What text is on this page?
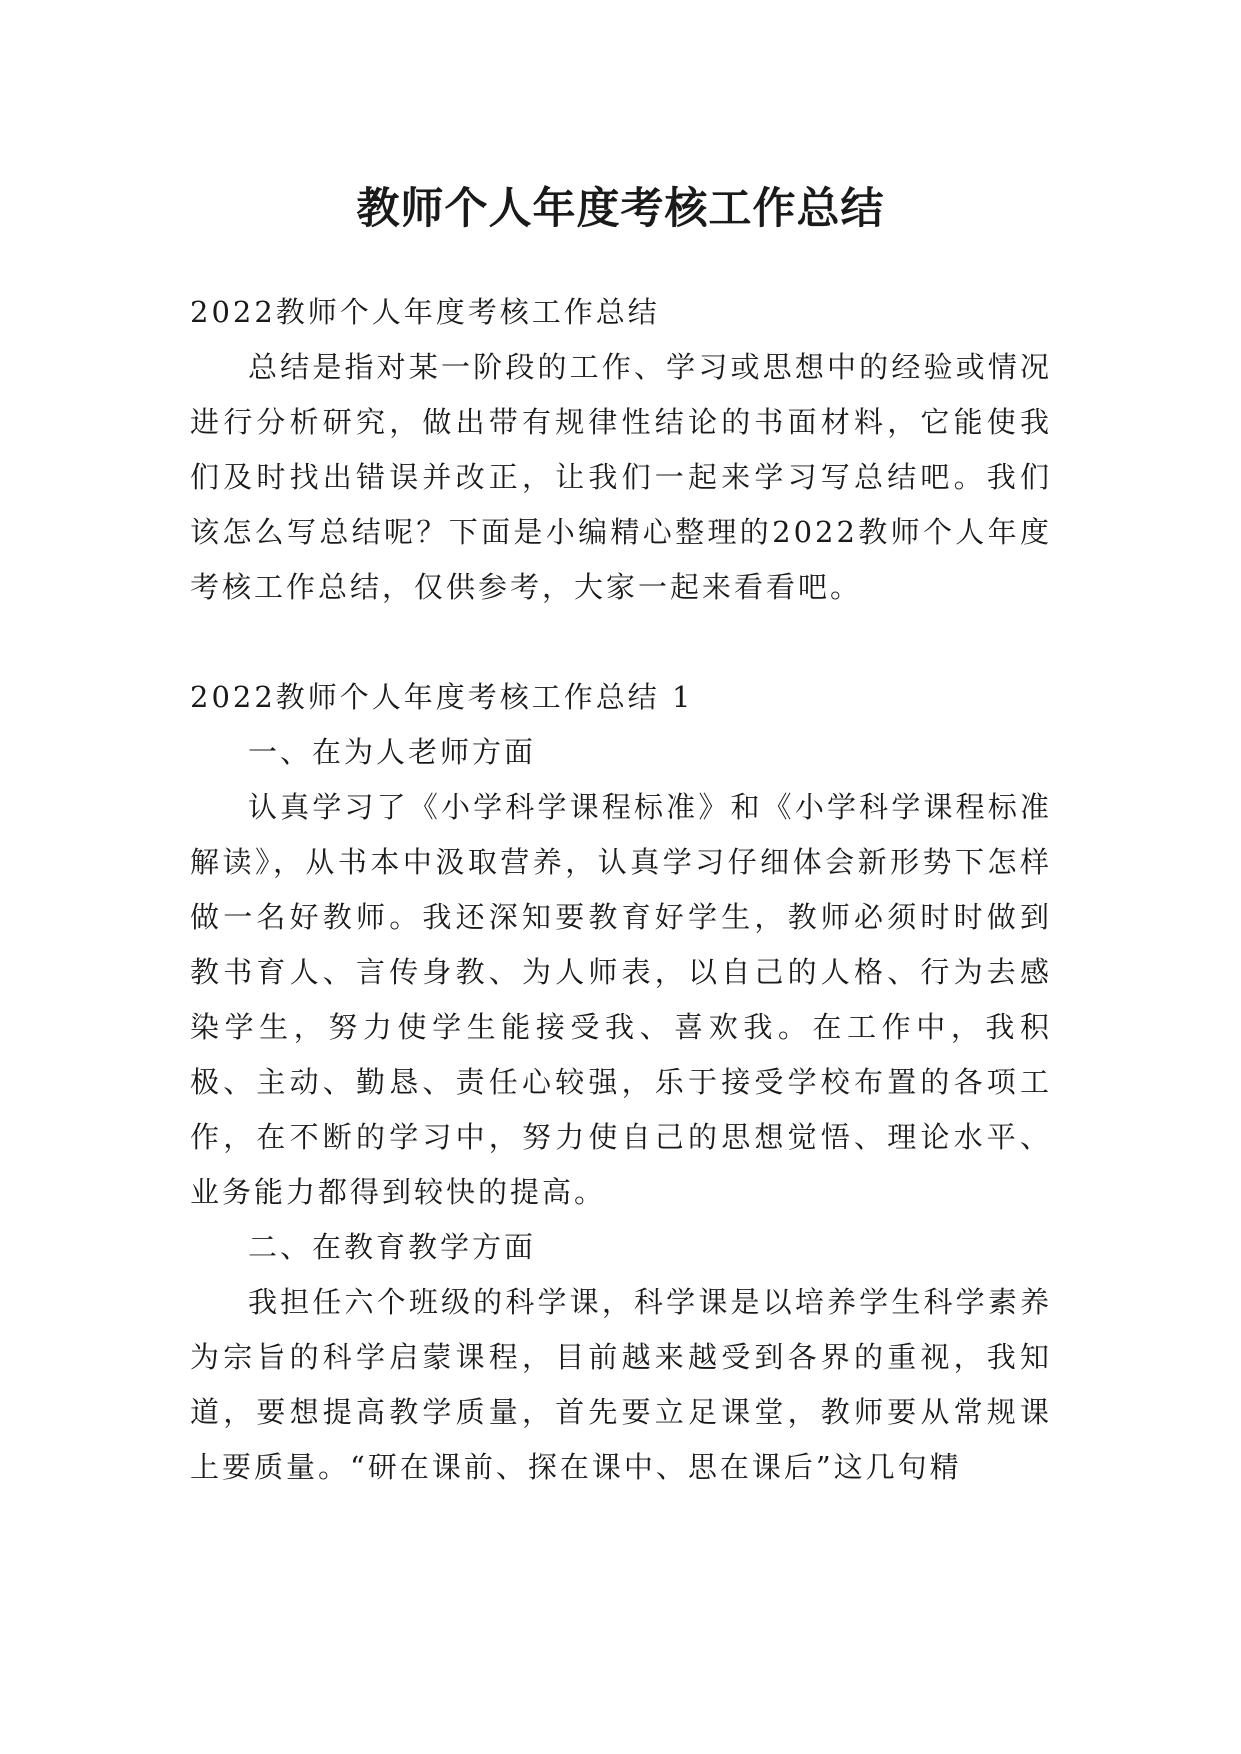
教师个人年度考核工作总结

2022教师个人年度考核工作总结

总结是指对某一阶段的工作、学习或思想中的经验或情况进行分析研究，做出带有规律性结论的书面材料，它能使我们及时找出错误并改正，让我们一起来学习写总结吧。我们该怎么写总结呢？下面是小编精心整理的2022教师个人年度考核工作总结，仅供参考，大家一起来看看吧。

2022教师个人年度考核工作总结 1

一、在为人老师方面

认真学习了《小学科学课程标准》和《小学科学课程标准解读》，从书本中汲取营养，认真学习仔细体会新形势下怎样做一名好教师。我还深知要教育好学生，教师必须时时做到教书育人、言传身教、为人师表，以自己的人格、行为去感染学生，努力使学生能接受我、喜欢我。在工作中，我积极、主动、勤恳、责任心较强，乐于接受学校布置的各项工作，在不断的学习中，努力使自己的思想觉悟、理论水平、业务能力都得到较快的提高。

二、在教育教学方面

我担任六个班级的科学课，科学课是以培养学生科学素养为宗旨的科学启蒙课程，目前越来越受到各界的重视，我知道，要想提高教学质量，首先要立足课堂，教师要从常规课上要质量。“研在课前、探在课中、思在课后”这几句精
